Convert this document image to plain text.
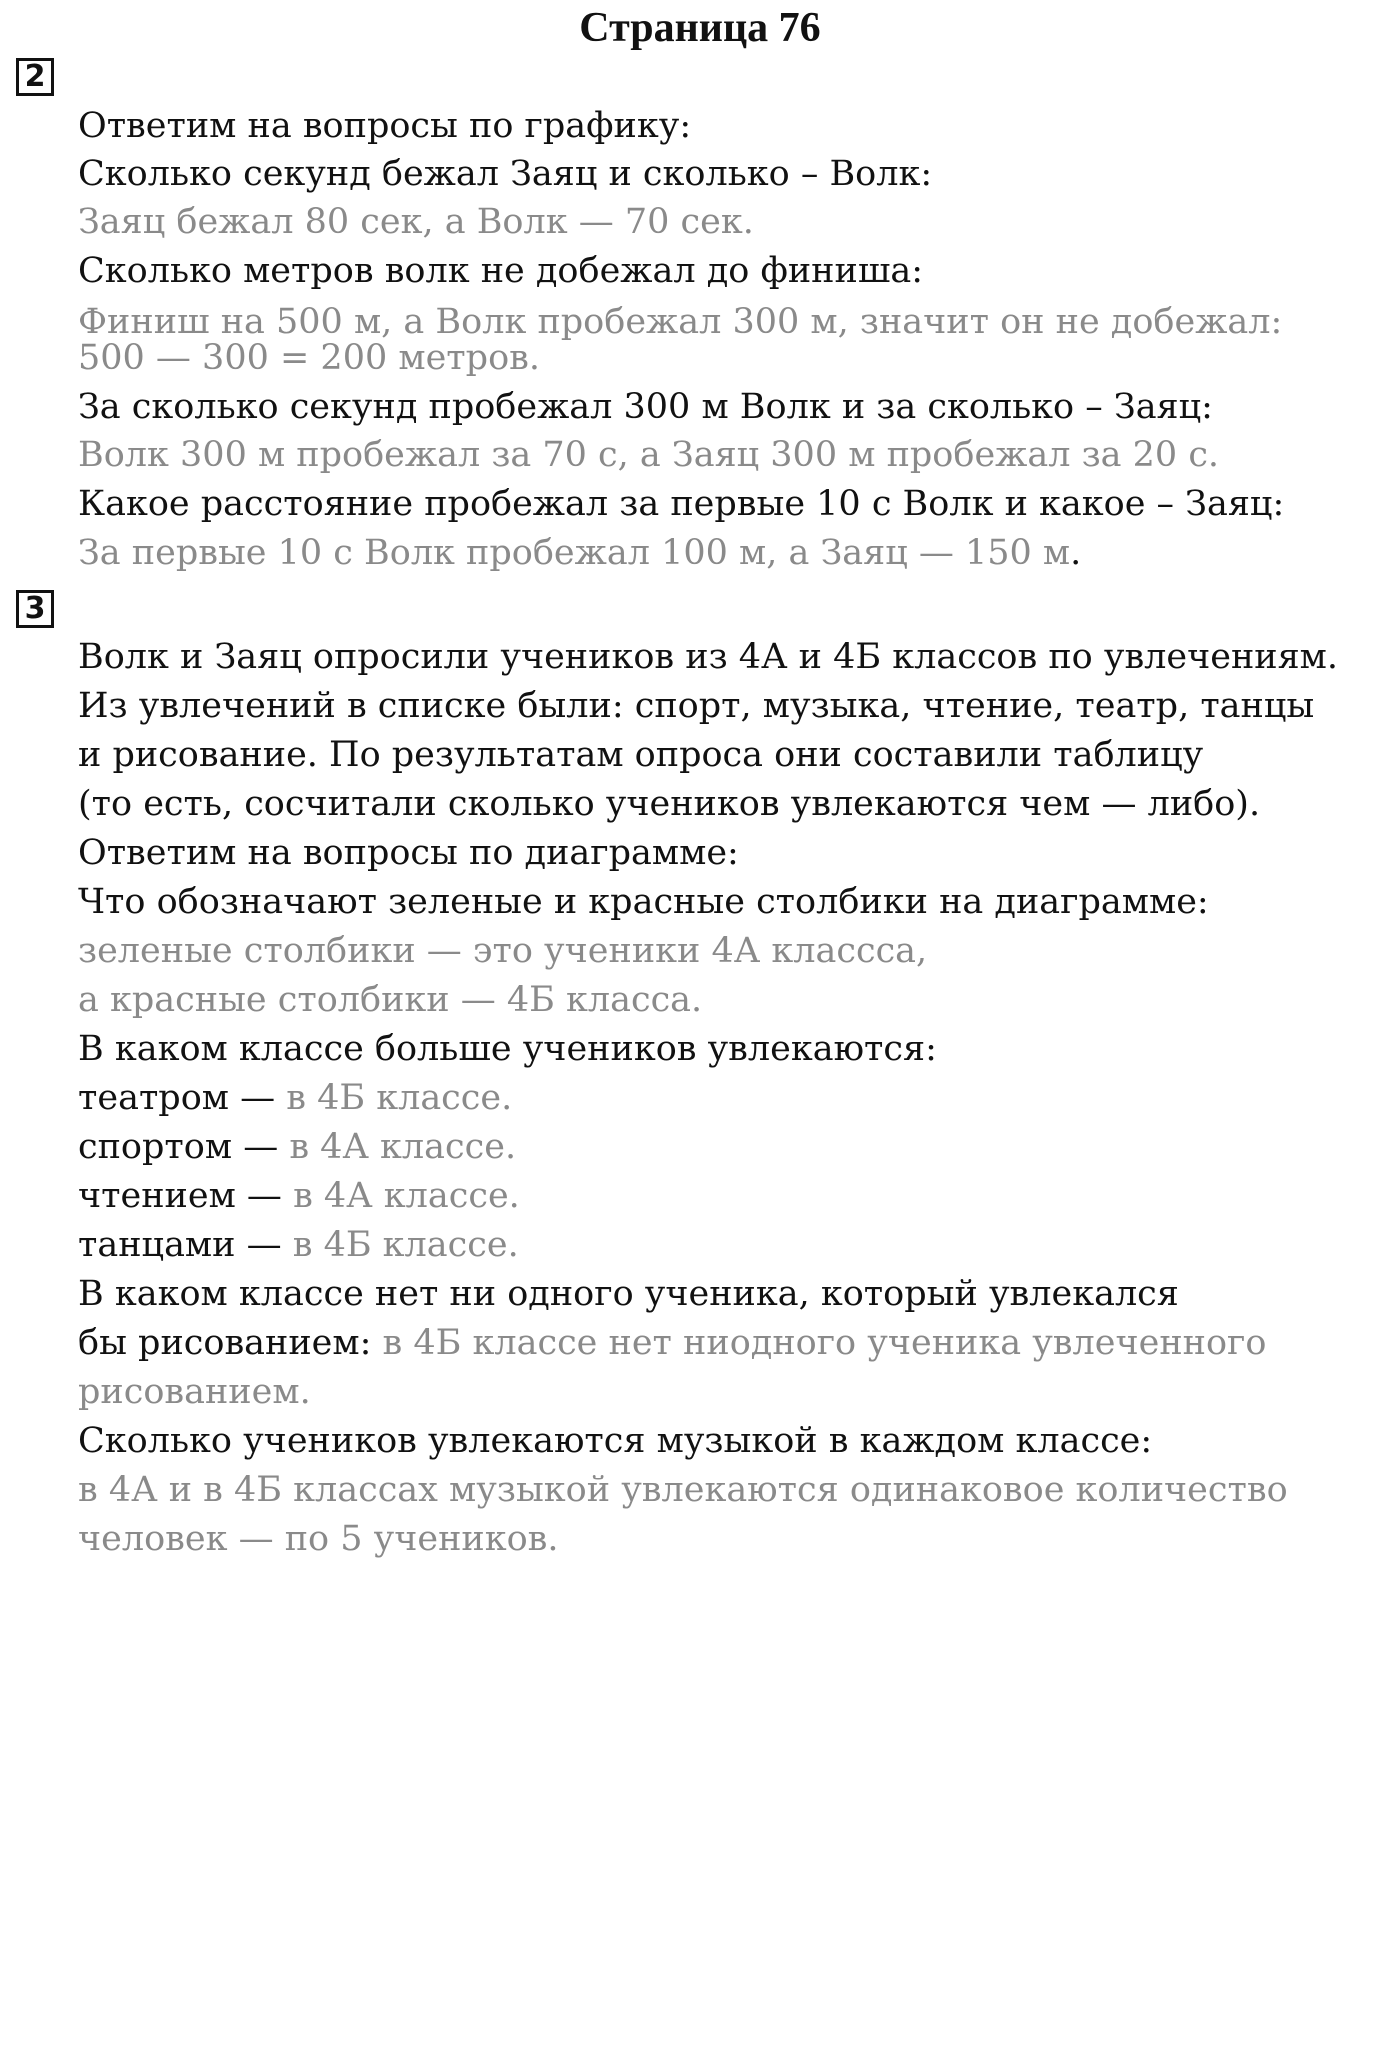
Страница 76
2

Ответим на вопросы по графику:

Сколько секунд бежал Заяц и сколько – Волк:

Заяц бежал 80 сек, а Волк — 70 сек.

Сколько метров волк не добежал до финиша:

Финиш на 500 м, а Волк пробежал 300 м, значит он не добежал:

500 — 300 = 200 метров.

За сколько секунд пробежал 300 м Волк и за сколько – Заяц:

Волк 300 м пробежал за 70 с, а Заяц 300 м пробежал за 20 с.

Какое расстояние пробежал за первые 10 с Волк и какое – Заяц:

За первые 10 с Волк пробежал 100 м, а Заяц — 150 м.

3

Волк и Заяц опросили учеников из 4А и 4Б классов по увлечениям.

Из увлечений в списке были: спорт, музыка, чтение, театр, танцы

и рисование. По результатам опроса они составили таблицу

(то есть, сосчитали сколько учеников увлекаются чем — либо).

Ответим на вопросы по диаграмме:

Что обозначают зеленые и красные столбики на диаграмме:

зеленые столбики — это ученики 4А классса,

а красные столбики — 4Б класса.

В каком классе больше учеников увлекаются:

театром — в 4Б классе.

спортом — в 4А классе.

чтением — в 4А классе.

танцами — в 4Б классе.

В каком классе нет ни одного ученика, который увлекался

бы рисованием: в 4Б классе нет ниодного ученика увлеченного

рисованием.

Сколько учеников увлекаются музыкой в каждом классе:

в 4А и в 4Б классах музыкой увлекаются одинаковое количество

человек — по 5 учеников.
